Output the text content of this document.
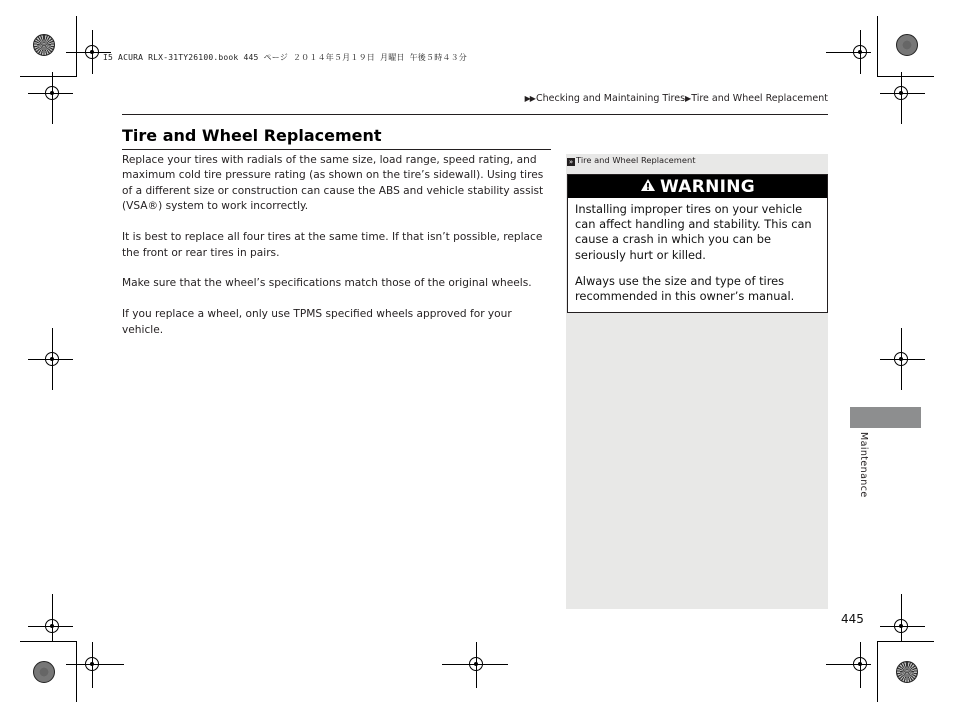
I5 ACURA RLX-31TY26100.book 445 ページ ２０１４年５月１９日 月曜日 午後５時４３分
▶▶Checking and Maintaining Tires▶Tire and Wheel Replacement
Tire and Wheel Replacement

Replace your tires with radials of the same size, load range, speed rating, and maximum cold tire pressure rating (as shown on the tire’s sidewall). Using tires of a different size or construction can cause the ABS and vehicle stability assist (VSA®) system to work incorrectly.

It is best to replace all four tires at the same time. If that isn’t possible, replace the front or rear tires in pairs.

Make sure that the wheel’s specifications match those of the original wheels.

If you replace a wheel, only use TPMS specified wheels approved for your vehicle.

» Tire and Wheel Replacement
WARNING

Installing improper tires on your vehicle can affect handling and stability. This can cause a crash in which you can be seriously hurt or killed.

Always use the size and type of tires recommended in this owner’s manual.

Maintenance
445
